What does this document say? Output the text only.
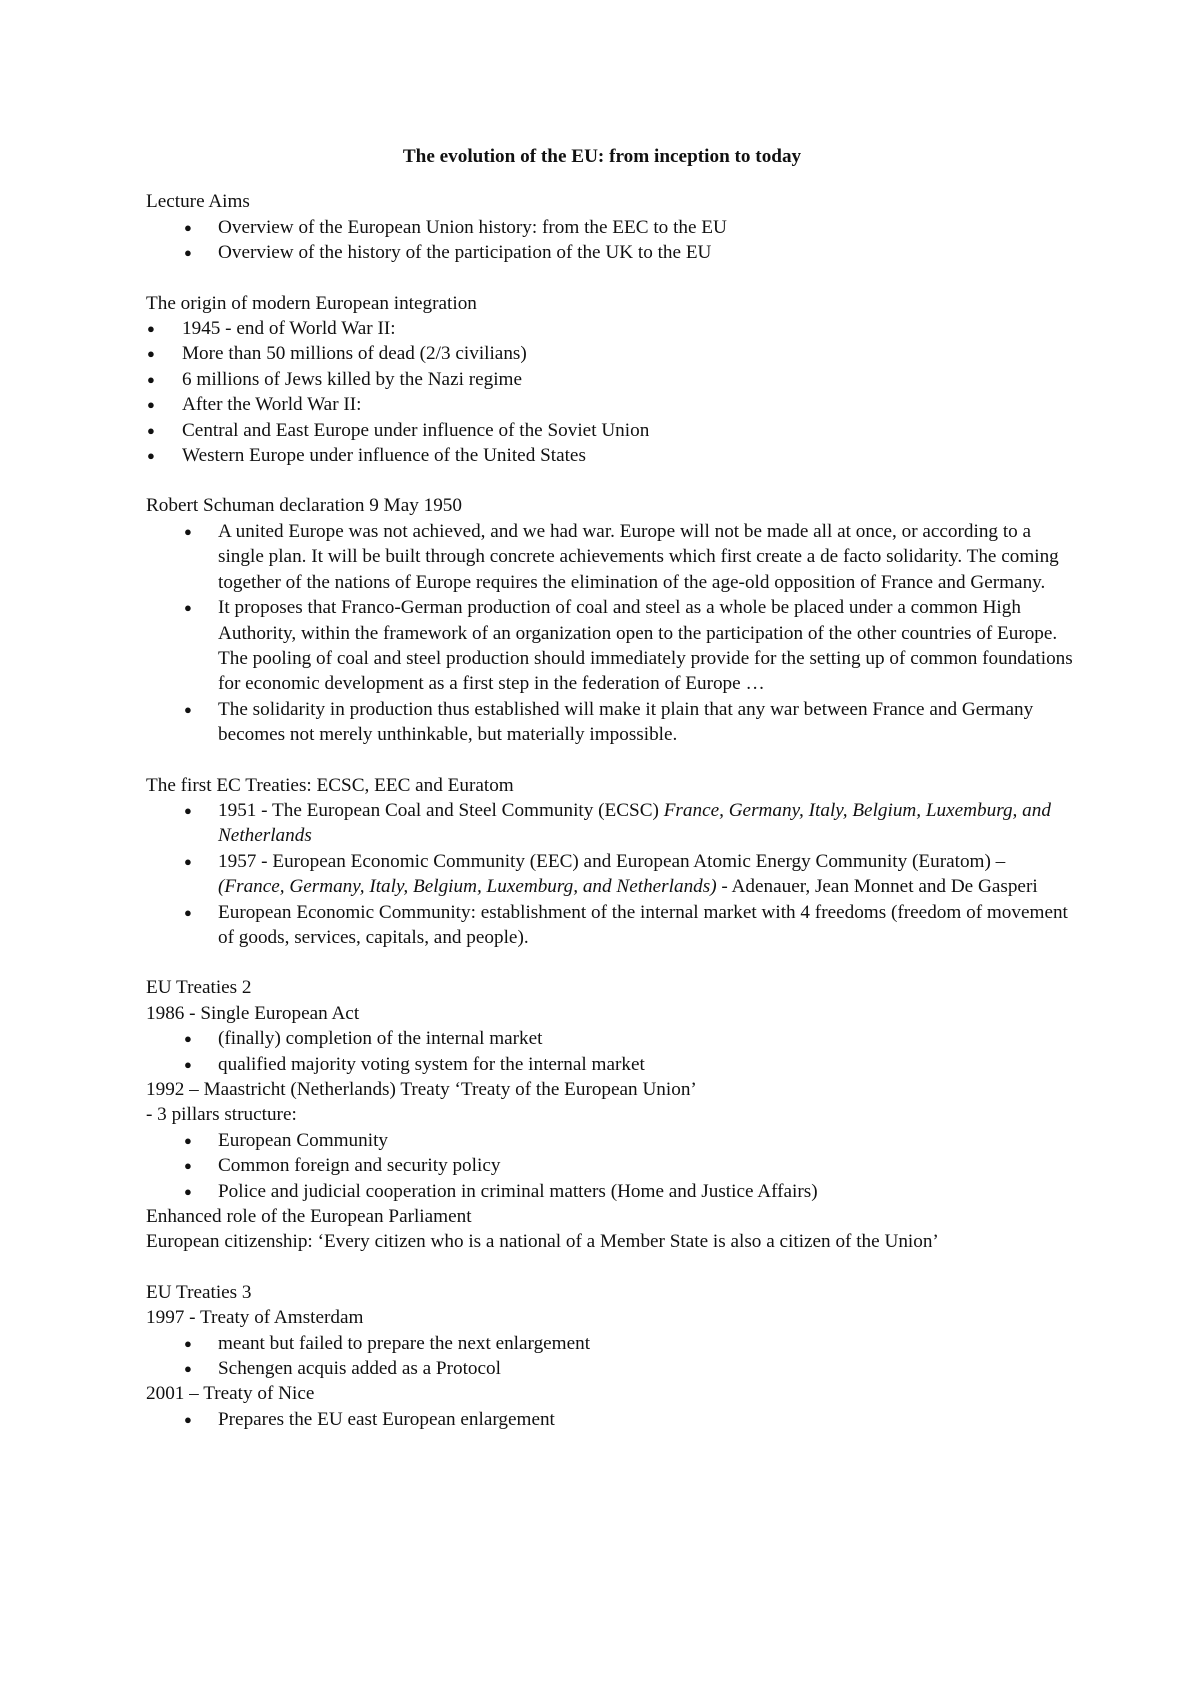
The evolution of the EU: from inception to today

Lecture Aims

● Overview of the European Union history: from the EEC to the EU
● Overview of the history of the participation of the UK to the EU

The origin of modern European integration

● 1945 - end of World War II:
● More than 50 millions of dead (2/3 civilians)
● 6 millions of Jews killed by the Nazi regime
● After the World War II:
● Central and East Europe under influence of the Soviet Union
● Western Europe under influence of the United States

Robert Schuman declaration 9 May 1950

● A united Europe was not achieved, and we had war. Europe will not be made all at once, or according to a single plan. It will be built through concrete achievements which first create a de facto solidarity. The coming together of the nations of Europe requires the elimination of the age-old opposition of France and Germany.
● It proposes that Franco-German production of coal and steel as a whole be placed under a common High Authority, within the framework of an organization open to the participation of the other countries of Europe. The pooling of coal and steel production should immediately provide for the setting up of common foundations for economic development as a first step in the federation of Europe …
● The solidarity in production thus established will make it plain that any war between France and Germany becomes not merely unthinkable, but materially impossible.

The first EC Treaties: ECSC, EEC and Euratom

● 1951 - The European Coal and Steel Community (ECSC) France, Germany, Italy, Belgium, Luxemburg, and Netherlands
● 1957 - European Economic Community (EEC) and European Atomic Energy Community (Euratom) – (France, Germany, Italy, Belgium, Luxemburg, and Netherlands) - Adenauer, Jean Monnet and De Gasperi
● European Economic Community: establishment of the internal market with 4 freedoms (freedom of movement of goods, services, capitals, and people).

EU Treaties 2

1986 - Single European Act

● (finally) completion of the internal market
● qualified majority voting system for the internal market

1992 – Maastricht (Netherlands) Treaty ‘Treaty of the European Union’

- 3 pillars structure:

● European Community
● Common foreign and security policy
● Police and judicial cooperation in criminal matters (Home and Justice Affairs)

Enhanced role of the European Parliament

European citizenship: ‘Every citizen who is a national of a Member State is also a citizen of the Union’

EU Treaties 3

1997 - Treaty of Amsterdam

● meant but failed to prepare the next enlargement
● Schengen acquis added as a Protocol

2001 – Treaty of Nice

● Prepares the EU east European enlargement
